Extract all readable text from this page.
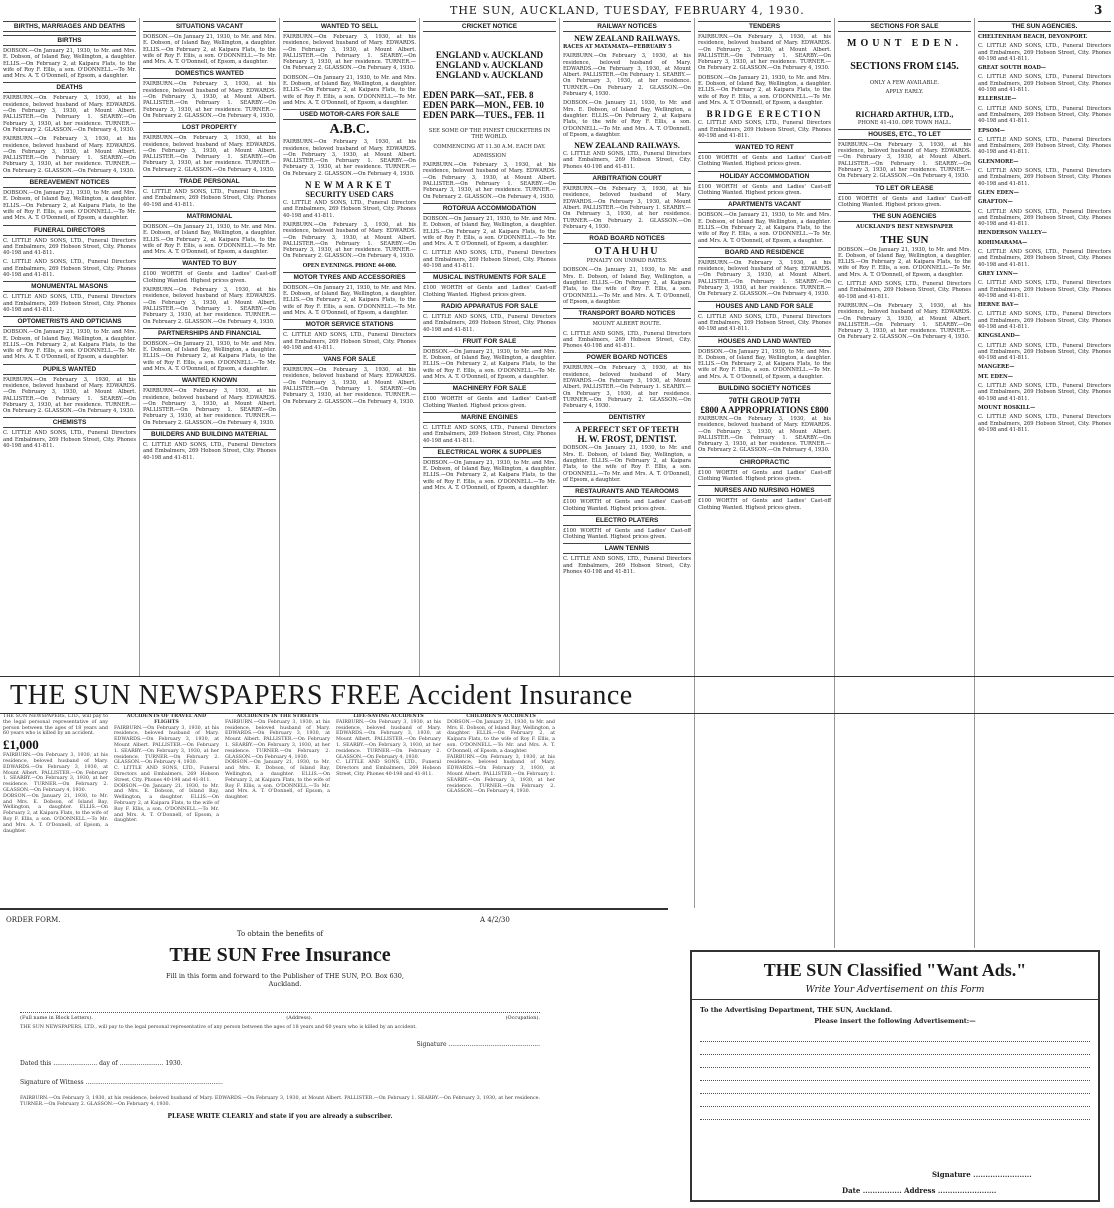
THE SUN, AUCKLAND, TUESDAY, FEBRUARY 4, 1930.	3
BIRTHS, MARRIAGES AND DEATHS
BIRTHS
DOBSON.—On January 21, 1930, to Mr. and Mrs. E. Dobson, of Island Bay, Wellington, a daughter. ELLIS.—On February 2, at Kaipara Flats, to the wife of Roy F. Ellis, a son. O'DONNELL.—To Mr. and Mrs. A. T. O'Donnell, of Epsom, a daughter.
DEATHS
FAIRBURN.—On February 3, 1930, at his residence, beloved husband of Mary. EDWARDS.—On February 3, 1930, at Mount Albert. PALLISTER.—On February 1. SEARBY.—On February 3, 1930, at her residence. TURNER.—On February 2. GLASSON.—On February 4, 1930.
FAIRBURN.—On February 3, 1930, at his residence, beloved husband of Mary. EDWARDS.—On February 3, 1930, at Mount Albert. PALLISTER.—On February 1. SEARBY.—On February 3, 1930, at her residence. TURNER.—On February 2. GLASSON.—On February 4, 1930.
BEREAVEMENT NOTICES
DOBSON.—On January 21, 1930, to Mr. and Mrs. E. Dobson, of Island Bay, Wellington, a daughter. ELLIS.—On February 2, at Kaipara Flats, to the wife of Roy F. Ellis, a son. O'DONNELL.—To Mr. and Mrs. A. T. O'Donnell, of Epsom, a daughter.
FUNERAL DIRECTORS
C. LITTLE AND SONS, LTD., Funeral Directors and Embalmers, 269 Hobson Street, City. Phones 40-198 and 41-811.
C. LITTLE AND SONS, LTD., Funeral Directors and Embalmers, 269 Hobson Street, City. Phones 40-198 and 41-811.
MONUMENTAL MASONS
C. LITTLE AND SONS, LTD., Funeral Directors and Embalmers, 269 Hobson Street, City. Phones 40-198 and 41-811.
OPTOMETRISTS AND OPTICIANS
DOBSON.—On January 21, 1930, to Mr. and Mrs. E. Dobson, of Island Bay, Wellington, a daughter. ELLIS.—On February 2, at Kaipara Flats, to the wife of Roy F. Ellis, a son. O'DONNELL.—To Mr. and Mrs. A. T. O'Donnell, of Epsom, a daughter.
PUPILS WANTED
FAIRBURN.—On February 3, 1930, at his residence, beloved husband of Mary. EDWARDS.—On February 3, 1930, at Mount Albert. PALLISTER.—On February 1. SEARBY.—On February 3, 1930, at her residence. TURNER.—On February 2. GLASSON.—On February 4, 1930.
CHEMISTS
C. LITTLE AND SONS, LTD., Funeral Directors and Embalmers, 269 Hobson Street, City. Phones 40-198 and 41-811.
SITUATIONS VACANT
DOBSON.—On January 21, 1930, to Mr. and Mrs. E. Dobson, of Island Bay, Wellington, a daughter. ELLIS.—On February 2, at Kaipara Flats, to the wife of Roy F. Ellis, a son. O'DONNELL.—To Mr. and Mrs. A. T. O'Donnell, of Epsom, a daughter.
DOMESTICS WANTED
FAIRBURN.—On February 3, 1930, at his residence, beloved husband of Mary. EDWARDS.—On February 3, 1930, at Mount Albert. PALLISTER.—On February 1. SEARBY.—On February 3, 1930, at her residence. TURNER.—On February 2. GLASSON.—On February 4, 1930.
LOST PROPERTY
FAIRBURN.—On February 3, 1930, at his residence, beloved husband of Mary. EDWARDS.—On February 3, 1930, at Mount Albert. PALLISTER.—On February 1. SEARBY.—On February 3, 1930, at her residence. TURNER.—On February 2. GLASSON.—On February 4, 1930.
TRADE PERSONAL
C. LITTLE AND SONS, LTD., Funeral Directors and Embalmers, 269 Hobson Street, City. Phones 40-198 and 41-811.
MATRIMONIAL
DOBSON.—On January 21, 1930, to Mr. and Mrs. E. Dobson, of Island Bay, Wellington, a daughter. ELLIS.—On February 2, at Kaipara Flats, to the wife of Roy F. Ellis, a son. O'DONNELL.—To Mr. and Mrs. A. T. O'Donnell, of Epsom, a daughter.
WANTED TO BUY
£100 WORTH of Gents and Ladies' Cast-off Clothing Wanted. Highest prices given.
FAIRBURN.—On February 3, 1930, at his residence, beloved husband of Mary. EDWARDS.—On February 3, 1930, at Mount Albert. PALLISTER.—On February 1. SEARBY.—On February 3, 1930, at her residence. TURNER.—On February 2. GLASSON.—On February 4, 1930.
PARTNERSHIPS AND FINANCIAL
DOBSON.—On January 21, 1930, to Mr. and Mrs. E. Dobson, of Island Bay, Wellington, a daughter. ELLIS.—On February 2, at Kaipara Flats, to the wife of Roy F. Ellis, a son. O'DONNELL.—To Mr. and Mrs. A. T. O'Donnell, of Epsom, a daughter.
WANTED KNOWN
FAIRBURN.—On February 3, 1930, at his residence, beloved husband of Mary. EDWARDS.—On February 3, 1930, at Mount Albert. PALLISTER.—On February 1. SEARBY.—On February 3, 1930, at her residence. TURNER.—On February 2. GLASSON.—On February 4, 1930.
BUILDERS AND BUILDING MATERIAL
C. LITTLE AND SONS, LTD., Funeral Directors and Embalmers, 269 Hobson Street, City. Phones 40-198 and 41-811.
WANTED TO SELL
FAIRBURN.—On February 3, 1930, at his residence, beloved husband of Mary. EDWARDS.—On February 3, 1930, at Mount Albert. PALLISTER.—On February 1. SEARBY.—On February 3, 1930, at her residence. TURNER.—On February 2. GLASSON.—On February 4, 1930.
DOBSON.—On January 21, 1930, to Mr. and Mrs. E. Dobson, of Island Bay, Wellington, a daughter. ELLIS.—On February 2, at Kaipara Flats, to the wife of Roy F. Ellis, a son. O'DONNELL.—To Mr. and Mrs. A. T. O'Donnell, of Epsom, a daughter.
USED MOTOR-CARS FOR SALE
A.B.C.
FAIRBURN.—On February 3, 1930, at his residence, beloved husband of Mary. EDWARDS.—On February 3, 1930, at Mount Albert. PALLISTER.—On February 1. SEARBY.—On February 3, 1930, at her residence. TURNER.—On February 2. GLASSON.—On February 4, 1930.
NEWMARKET
SECURITY USED CARS
C. LITTLE AND SONS, LTD., Funeral Directors and Embalmers, 269 Hobson Street, City. Phones 40-198 and 41-811.
FAIRBURN.—On February 3, 1930, at his residence, beloved husband of Mary. EDWARDS.—On February 3, 1930, at Mount Albert. PALLISTER.—On February 1. SEARBY.—On February 3, 1930, at her residence. TURNER.—On February 2. GLASSON.—On February 4, 1930.
OPEN EVENINGS. PHONE 44-080.
MOTOR TYRES AND ACCESSORIES
DOBSON.—On January 21, 1930, to Mr. and Mrs. E. Dobson, of Island Bay, Wellington, a daughter. ELLIS.—On February 2, at Kaipara Flats, to the wife of Roy F. Ellis, a son. O'DONNELL.—To Mr. and Mrs. A. T. O'Donnell, of Epsom, a daughter.
MOTOR SERVICE STATIONS
C. LITTLE AND SONS, LTD., Funeral Directors and Embalmers, 269 Hobson Street, City. Phones 40-198 and 41-811.
VANS FOR SALE
FAIRBURN.—On February 3, 1930, at his residence, beloved husband of Mary. EDWARDS.—On February 3, 1930, at Mount Albert. PALLISTER.—On February 1. SEARBY.—On February 3, 1930, at her residence. TURNER.—On February 2. GLASSON.—On February 4, 1930.
CRICKET NOTICE
ENGLAND v. AUCKLAND
ENGLAND v. AUCKLAND
ENGLAND v. AUCKLAND
EDEN PARK—SAT., FEB. 8
EDEN PARK—MON., FEB. 10
EDEN PARK—TUES., FEB. 11
SEE SOME OF THE FINEST CRICKETERS IN THE WORLD.
COMMENCING AT 11.30 A.M. EACH DAY.
ADMISSION
FAIRBURN.—On February 3, 1930, at his residence, beloved husband of Mary. EDWARDS.—On February 3, 1930, at Mount Albert. PALLISTER.—On February 1. SEARBY.—On February 3, 1930, at her residence. TURNER.—On February 2. GLASSON.—On February 4, 1930.
ROTORUA ACCOMMODATION
DOBSON.—On January 21, 1930, to Mr. and Mrs. E. Dobson, of Island Bay, Wellington, a daughter. ELLIS.—On February 2, at Kaipara Flats, to the wife of Roy F. Ellis, a son. O'DONNELL.—To Mr. and Mrs. A. T. O'Donnell, of Epsom, a daughter.
C. LITTLE AND SONS, LTD., Funeral Directors and Embalmers, 269 Hobson Street, City. Phones 40-198 and 41-811.
MUSICAL INSTRUMENTS FOR SALE
£100 WORTH of Gents and Ladies' Cast-off Clothing Wanted. Highest prices given.
RADIO APPARATUS FOR SALE
C. LITTLE AND SONS, LTD., Funeral Directors and Embalmers, 269 Hobson Street, City. Phones 40-198 and 41-811.
FRUIT FOR SALE
DOBSON.—On January 21, 1930, to Mr. and Mrs. E. Dobson, of Island Bay, Wellington, a daughter. ELLIS.—On February 2, at Kaipara Flats, to the wife of Roy F. Ellis, a son. O'DONNELL.—To Mr. and Mrs. A. T. O'Donnell, of Epsom, a daughter.
MACHINERY FOR SALE
£100 WORTH of Gents and Ladies' Cast-off Clothing Wanted. Highest prices given.
MARINE ENGINES
C. LITTLE AND SONS, LTD., Funeral Directors and Embalmers, 269 Hobson Street, City. Phones 40-198 and 41-811.
ELECTRICAL WORK & SUPPLIES
DOBSON.—On January 21, 1930, to Mr. and Mrs. E. Dobson, of Island Bay, Wellington, a daughter. ELLIS.—On February 2, at Kaipara Flats, to the wife of Roy F. Ellis, a son. O'DONNELL.—To Mr. and Mrs. A. T. O'Donnell, of Epsom, a daughter.
RAILWAY NOTICES
NEW ZEALAND RAILWAYS.
RACES AT MATAMATA—FEBRUARY 5
FAIRBURN.—On February 3, 1930, at his residence, beloved husband of Mary. EDWARDS.—On February 3, 1930, at Mount Albert. PALLISTER.—On February 1. SEARBY.—On February 3, 1930, at her residence. TURNER.—On February 2. GLASSON.—On February 4, 1930.
DOBSON.—On January 21, 1930, to Mr. and Mrs. E. Dobson, of Island Bay, Wellington, a daughter. ELLIS.—On February 2, at Kaipara Flats, to the wife of Roy F. Ellis, a son. O'DONNELL.—To Mr. and Mrs. A. T. O'Donnell, of Epsom, a daughter.
NEW ZEALAND RAILWAYS.
C. LITTLE AND SONS, LTD., Funeral Directors and Embalmers, 269 Hobson Street, City. Phones 40-198 and 41-811.
ARBITRATION COURT
FAIRBURN.—On February 3, 1930, at his residence, beloved husband of Mary. EDWARDS.—On February 3, 1930, at Mount Albert. PALLISTER.—On February 1. SEARBY.—On February 3, 1930, at her residence. TURNER.—On February 2. GLASSON.—On February 4, 1930.
ROAD BOARD NOTICES
OTAHUHU
PENALTY ON UNPAID RATES.
DOBSON.—On January 21, 1930, to Mr. and Mrs. E. Dobson, of Island Bay, Wellington, a daughter. ELLIS.—On February 2, at Kaipara Flats, to the wife of Roy F. Ellis, a son. O'DONNELL.—To Mr. and Mrs. A. T. O'Donnell, of Epsom, a daughter.
TRANSPORT BOARD NOTICES
MOUNT ALBERT ROUTE.
C. LITTLE AND SONS, LTD., Funeral Directors and Embalmers, 269 Hobson Street, City. Phones 40-198 and 41-811.
POWER BOARD NOTICES
FAIRBURN.—On February 3, 1930, at his residence, beloved husband of Mary. EDWARDS.—On February 3, 1930, at Mount Albert. PALLISTER.—On February 1. SEARBY.—On February 3, 1930, at her residence. TURNER.—On February 2. GLASSON.—On February 4, 1930.
DENTISTRY
A PERFECT SET OF TEETH
H. W. FROST, DENTIST.
DOBSON.—On January 21, 1930, to Mr. and Mrs. E. Dobson, of Island Bay, Wellington, a daughter. ELLIS.—On February 2, at Kaipara Flats, to the wife of Roy F. Ellis, a son. O'DONNELL.—To Mr. and Mrs. A. T. O'Donnell, of Epsom, a daughter.
RESTAURANTS AND TEAROOMS
£100 WORTH of Gents and Ladies' Cast-off Clothing Wanted. Highest prices given.
ELECTRO PLATERS
£100 WORTH of Gents and Ladies' Cast-off Clothing Wanted. Highest prices given.
LAWN TENNIS
C. LITTLE AND SONS, LTD., Funeral Directors and Embalmers, 269 Hobson Street, City. Phones 40-198 and 41-811.
TENDERS
FAIRBURN.—On February 3, 1930, at his residence, beloved husband of Mary. EDWARDS.—On February 3, 1930, at Mount Albert. PALLISTER.—On February 1. SEARBY.—On February 3, 1930, at her residence. TURNER.—On February 2. GLASSON.—On February 4, 1930.
DOBSON.—On January 21, 1930, to Mr. and Mrs. E. Dobson, of Island Bay, Wellington, a daughter. ELLIS.—On February 2, at Kaipara Flats, to the wife of Roy F. Ellis, a son. O'DONNELL.—To Mr. and Mrs. A. T. O'Donnell, of Epsom, a daughter.
BRIDGE ERECTION
C. LITTLE AND SONS, LTD., Funeral Directors and Embalmers, 269 Hobson Street, City. Phones 40-198 and 41-811.
WANTED TO RENT
£100 WORTH of Gents and Ladies' Cast-off Clothing Wanted. Highest prices given.
HOLIDAY ACCOMMODATION
£100 WORTH of Gents and Ladies' Cast-off Clothing Wanted. Highest prices given.
APARTMENTS VACANT
DOBSON.—On January 21, 1930, to Mr. and Mrs. E. Dobson, of Island Bay, Wellington, a daughter. ELLIS.—On February 2, at Kaipara Flats, to the wife of Roy F. Ellis, a son. O'DONNELL.—To Mr. and Mrs. A. T. O'Donnell, of Epsom, a daughter.
BOARD AND RESIDENCE
FAIRBURN.—On February 3, 1930, at his residence, beloved husband of Mary. EDWARDS.—On February 3, 1930, at Mount Albert. PALLISTER.—On February 1. SEARBY.—On February 3, 1930, at her residence. TURNER.—On February 2. GLASSON.—On February 4, 1930.
HOUSES AND LAND FOR SALE
C. LITTLE AND SONS, LTD., Funeral Directors and Embalmers, 269 Hobson Street, City. Phones 40-198 and 41-811.
HOUSES AND LAND WANTED
DOBSON.—On January 21, 1930, to Mr. and Mrs. E. Dobson, of Island Bay, Wellington, a daughter. ELLIS.—On February 2, at Kaipara Flats, to the wife of Roy F. Ellis, a son. O'DONNELL.—To Mr. and Mrs. A. T. O'Donnell, of Epsom, a daughter.
BUILDING SOCIETY NOTICES
70TH GROUP 70TH
£800 A APPROPRIATIONS £800
FAIRBURN.—On February 3, 1930, at his residence, beloved husband of Mary. EDWARDS.—On February 3, 1930, at Mount Albert. PALLISTER.—On February 1. SEARBY.—On February 3, 1930, at her residence. TURNER.—On February 2. GLASSON.—On February 4, 1930.
CHIROPRACTIC
£100 WORTH of Gents and Ladies' Cast-off Clothing Wanted. Highest prices given.
NURSES AND NURSING HOMES
£100 WORTH of Gents and Ladies' Cast-off Clothing Wanted. Highest prices given.
SECTIONS FOR SALE
MOUNT EDEN.
SECTIONS FROM £145.
ONLY A FEW AVAILABLE.
APPLY EARLY.
RICHARD ARTHUR, LTD.,
PHONE 41-410. OPP. TOWN HALL.
HOUSES, ETC., TO LET
FAIRBURN.—On February 3, 1930, at his residence, beloved husband of Mary. EDWARDS.—On February 3, 1930, at Mount Albert. PALLISTER.—On February 1. SEARBY.—On February 3, 1930, at her residence. TURNER.—On February 2. GLASSON.—On February 4, 1930.
TO LET OR LEASE
£100 WORTH of Gents and Ladies' Cast-off Clothing Wanted. Highest prices given.
THE SUN AGENCIES
AUCKLAND'S BEST NEWSPAPER
THE SUN
DOBSON.—On January 21, 1930, to Mr. and Mrs. E. Dobson, of Island Bay, Wellington, a daughter. ELLIS.—On February 2, at Kaipara Flats, to the wife of Roy F. Ellis, a son. O'DONNELL.—To Mr. and Mrs. A. T. O'Donnell, of Epsom, a daughter.
C. LITTLE AND SONS, LTD., Funeral Directors and Embalmers, 269 Hobson Street, City. Phones 40-198 and 41-811.
FAIRBURN.—On February 3, 1930, at his residence, beloved husband of Mary. EDWARDS.—On February 3, 1930, at Mount Albert. PALLISTER.—On February 1. SEARBY.—On February 3, 1930, at her residence. TURNER.—On February 2. GLASSON.—On February 4, 1930.
THE SUN AGENCIES.
CHELTENHAM BEACH, DEVONPORT.
C. LITTLE AND SONS, LTD., Funeral Directors and Embalmers, 269 Hobson Street, City. Phones 40-198 and 41-811.
GREAT SOUTH ROAD—
C. LITTLE AND SONS, LTD., Funeral Directors and Embalmers, 269 Hobson Street, City. Phones 40-198 and 41-811.
ELLERSLIE—
C. LITTLE AND SONS, LTD., Funeral Directors and Embalmers, 269 Hobson Street, City. Phones 40-198 and 41-811.
EPSOM—
C. LITTLE AND SONS, LTD., Funeral Directors and Embalmers, 269 Hobson Street, City. Phones 40-198 and 41-811.
GLENMORE—
C. LITTLE AND SONS, LTD., Funeral Directors and Embalmers, 269 Hobson Street, City. Phones 40-198 and 41-811.
GLEN EDEN—
GRAFTON—
C. LITTLE AND SONS, LTD., Funeral Directors and Embalmers, 269 Hobson Street, City. Phones 40-198 and 41-811.
HENDERSON VALLEY—
KOHIMARAMA—
C. LITTLE AND SONS, LTD., Funeral Directors and Embalmers, 269 Hobson Street, City. Phones 40-198 and 41-811.
GREY LYNN—
C. LITTLE AND SONS, LTD., Funeral Directors and Embalmers, 269 Hobson Street, City. Phones 40-198 and 41-811.
HERNE BAY—
C. LITTLE AND SONS, LTD., Funeral Directors and Embalmers, 269 Hobson Street, City. Phones 40-198 and 41-811.
KINGSLAND—
C. LITTLE AND SONS, LTD., Funeral Directors and Embalmers, 269 Hobson Street, City. Phones 40-198 and 41-811.
MANGERE—
MT. EDEN—
C. LITTLE AND SONS, LTD., Funeral Directors and Embalmers, 269 Hobson Street, City. Phones 40-198 and 41-811.
MOUNT ROSKILL—
C. LITTLE AND SONS, LTD., Funeral Directors and Embalmers, 269 Hobson Street, City. Phones 40-198 and 41-811.
THE SUN NEWSPAPERS FREE Accident Insurance
THE SUN NEWSPAPERS, LTD., will pay to the legal personal representative of any person between the ages of 18 years and 60 years who is killed by an accident.
£1,000
FAIRBURN.—On February 3, 1930, at his residence, beloved husband of Mary. EDWARDS.—On February 3, 1930, at Mount Albert. PALLISTER.—On February 1. SEARBY.—On February 3, 1930, at her residence. TURNER.—On February 2. GLASSON.—On February 4, 1930.
DOBSON.—On January 21, 1930, to Mr. and Mrs. E. Dobson, of Island Bay, Wellington, a daughter. ELLIS.—On February 2, at Kaipara Flats, to the wife of Roy F. Ellis, a son. O'DONNELL.—To Mr. and Mrs. A. T. O'Donnell, of Epsom, a daughter.
ACCIDENTS OF TRAVEL AND FLIGHTS
FAIRBURN.—On February 3, 1930, at his residence, beloved husband of Mary. EDWARDS.—On February 3, 1930, at Mount Albert. PALLISTER.—On February 1. SEARBY.—On February 3, 1930, at her residence. TURNER.—On February 2. GLASSON.—On February 4, 1930.
C. LITTLE AND SONS, LTD., Funeral Directors and Embalmers, 269 Hobson Street, City. Phones 40-198 and 41-811.
DOBSON.—On January 21, 1930, to Mr. and Mrs. E. Dobson, of Island Bay, Wellington, a daughter. ELLIS.—On February 2, at Kaipara Flats, to the wife of Roy F. Ellis, a son. O'DONNELL.—To Mr. and Mrs. A. T. O'Donnell, of Epsom, a daughter.
ACCIDENTS IN THE STREETS
FAIRBURN.—On February 3, 1930, at his residence, beloved husband of Mary. EDWARDS.—On February 3, 1930, at Mount Albert. PALLISTER.—On February 1. SEARBY.—On February 3, 1930, at her residence. TURNER.—On February 2. GLASSON.—On February 4, 1930.
DOBSON.—On January 21, 1930, to Mr. and Mrs. E. Dobson, of Island Bay, Wellington, a daughter. ELLIS.—On February 2, at Kaipara Flats, to the wife of Roy F. Ellis, a son. O'DONNELL.—To Mr. and Mrs. A. T. O'Donnell, of Epsom, a daughter.
LIFE-SAVING ACCIDENTS
FAIRBURN.—On February 3, 1930, at his residence, beloved husband of Mary. EDWARDS.—On February 3, 1930, at Mount Albert. PALLISTER.—On February 1. SEARBY.—On February 3, 1930, at her residence. TURNER.—On February 2. GLASSON.—On February 4, 1930.
C. LITTLE AND SONS, LTD., Funeral Directors and Embalmers, 269 Hobson Street, City. Phones 40-198 and 41-811.
CHILDREN'S ACCIDENTS
DOBSON.—On January 21, 1930, to Mr. and Mrs. E. Dobson, of Island Bay, Wellington, a daughter. ELLIS.—On February 2, at Kaipara Flats, to the wife of Roy F. Ellis, a son. O'DONNELL.—To Mr. and Mrs. A. T. O'Donnell, of Epsom, a daughter.
FAIRBURN.—On February 3, 1930, at his residence, beloved husband of Mary. EDWARDS.—On February 3, 1930, at Mount Albert. PALLISTER.—On February 1. SEARBY.—On February 3, 1930, at her residence. TURNER.—On February 2. GLASSON.—On February 4, 1930.
ORDER FORM.	A 4/2/30
To obtain the benefits of
THE SUN Free Insurance
Fill in this form and forward to the Publisher of THE SUN, P.O. Box 630, Auckland.
(Full name in Block Letters).	(Address).	(Occupation).
THE SUN NEWSPAPERS, LTD., will pay to the legal personal representative of any person between the ages of 18 years and 60 years who is killed by an accident.
Signature ................................................
Dated this ....................... day of ....................... 1930.
Signature of Witness ........................................................................
FAIRBURN.—On February 3, 1930, at his residence, beloved husband of Mary. EDWARDS.—On February 3, 1930, at Mount Albert. PALLISTER.—On February 1. SEARBY.—On February 3, 1930, at her residence. TURNER.—On February 2. GLASSON.—On February 4, 1930.
PLEASE WRITE CLEARLY and state if you are already a subscriber.
THE SUN Classified "Want Ads."
Write Your Advertisement on this Form
To the Advertising Department, THE SUN, Auckland.
Please insert the following Advertisement:—
Signature ........................
Date ................ Address ........................
